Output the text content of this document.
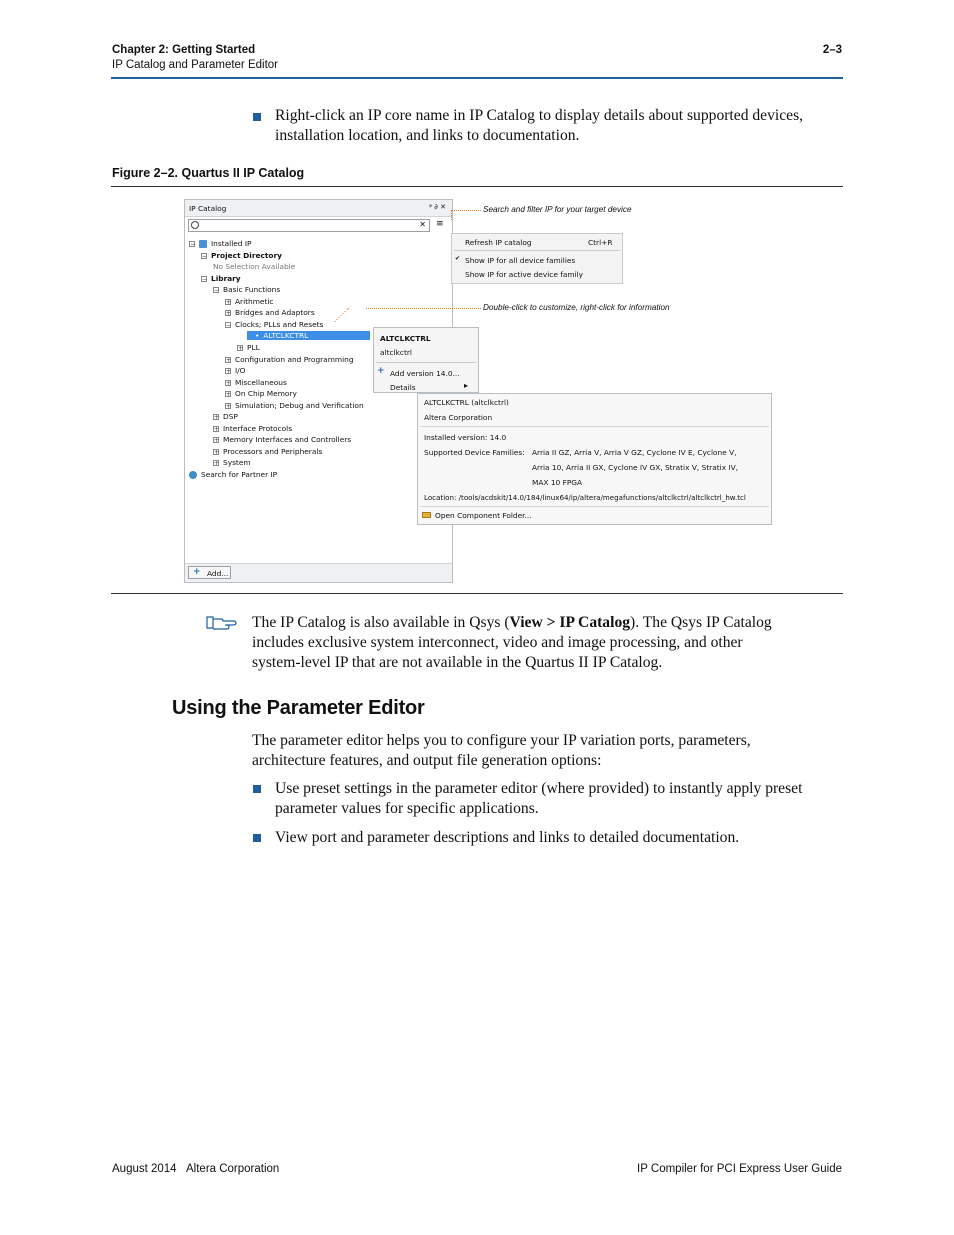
Chapter 2: Getting Started
IP Catalog and Parameter Editor
2–3
Right-click an IP core name in IP Catalog to display details about supported devices, installation location, and links to documentation.
Figure 2–2. Quartus II IP Catalog
IP Catalog	ᵠ ∂ ✕
✕ ≡
− Installed IP
− Project Directory
No Selection Available
− Library
− Basic Functions
+ Arithmetic
+ Bridges and Adaptors
− Clocks; PLLs and Resets
• ALTCLKCTRL
+ PLL
+ Configuration and Programming
+ I/O
+ Miscellaneous
+ On Chip Memory
+ Simulation; Debug and Verification
+ DSP
+ Interface Protocols
+ Memory Interfaces and Controllers
+ Processors and Peripherals
+ System
Search for Partner IP
+ Add...
Refresh IP catalog	Ctrl+R
✔ Show IP for all device families
Show IP for active device family
ALTCLKCTRL
altclkctrl
+ Add version 14.0...
Details	▸
ALTCLKCTRL (altclkctrl)
Altera Corporation
Installed version: 14.0
Supported Device Families: Arria II GZ, Arria V, Arria V GZ, Cyclone IV E, Cyclone V,
Arria 10, Arria II GX, Cyclone IV GX, Stratix V, Stratix IV,
MAX 10 FPGA
Location: /tools/acdskit/14.0/184/linux64/ip/altera/megafunctions/altclkctrl/altclkctrl_hw.tcl
Open Component Folder...
Search and filter IP for your target device
Double-click to customize, right-click for information
The IP Catalog is also available in Qsys (View > IP Catalog). The Qsys IP Catalog
includes exclusive system interconnect, video and image processing, and other
system-level IP that are not available in the Quartus II IP Catalog.
Using the Parameter Editor
The parameter editor helps you to configure your IP variation ports, parameters, architecture features, and output file generation options:
Use preset settings in the parameter editor (where provided) to instantly apply preset parameter values for specific applications.
View port and parameter descriptions and links to detailed documentation.
August 2014 Altera Corporation	IP Compiler for PCI Express User Guide
